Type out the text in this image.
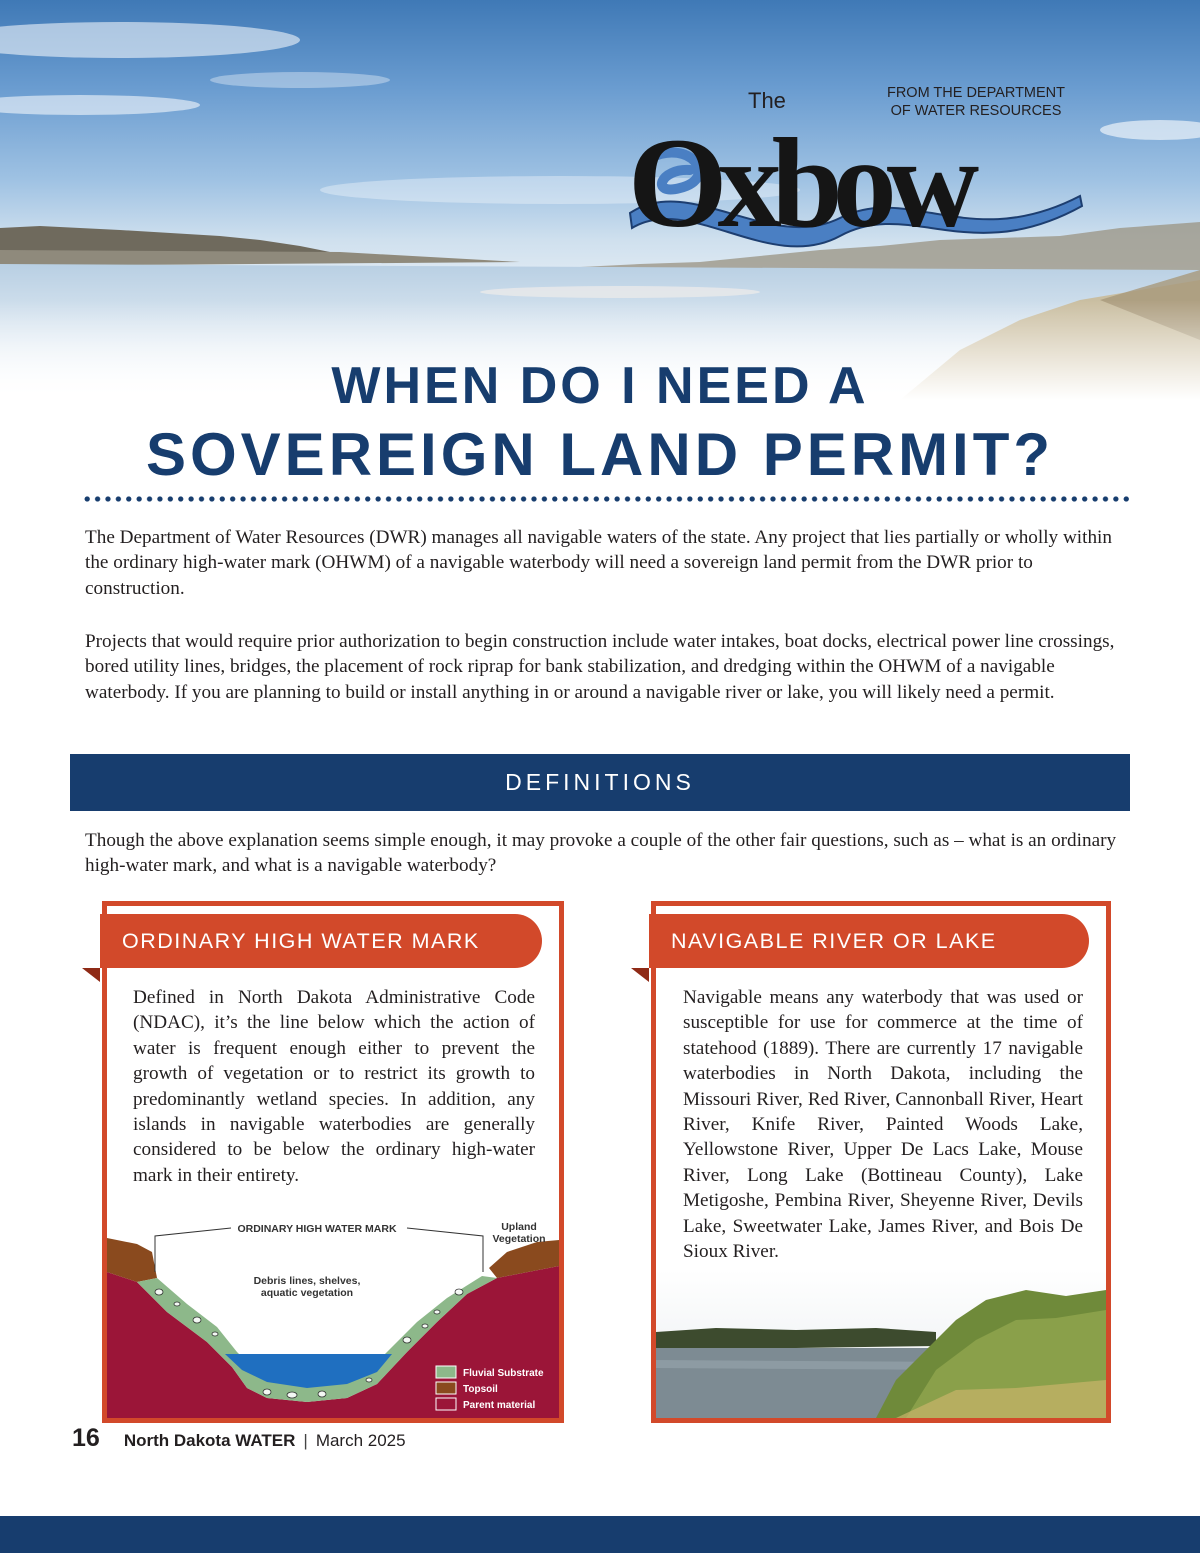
The	FROM THE DEPARTMENT
OF WATER RESOURCES
Oxbow
WHEN DO I NEED A
SOVEREIGN LAND PERMIT?

The Department of Water Resources (DWR) manages all navigable waters of the state. Any project that lies partially or wholly within the ordinary high-water mark (OHWM) of a navigable waterbody will need a sovereign land permit from the DWR prior to construction.

Projects that would require prior authorization to begin construction include water intakes, boat docks, electrical power line crossings, bored utility lines, bridges, the placement of rock riprap for bank stabilization, and dredging within the OHWM of a navigable waterbody. If you are planning to build or install anything in or around a navigable river or lake, you will likely need a permit.

DEFINITIONS

Though the above explanation seems simple enough, it may provoke a couple of the other fair questions, such as – what is an ordinary high-water mark, and what is a navigable waterbody?

ORDINARY HIGH WATER MARK

Defined in North Dakota Administrative Code (NDAC), it’s the line below which the action of water is frequent enough either to prevent the growth of vegetation or to restrict its growth to predominantly wetland species. In addition, any islands in navigable waterbodies are generally considered to be below the ordinary high-water mark in their entirety.

ORDINARY HIGH WATER MARK	Upland
Vegetation
Debris lines, shelves,
aquatic vegetation
Fluvial Substrate
Topsoil
Parent material
NAVIGABLE RIVER OR LAKE

Navigable means any waterbody that was used or susceptible for use for commerce at the time of statehood (1889). There are currently 17 navigable waterbodies in North Dakota, including the Missouri River, Red River, Cannonball River, Heart River, Knife River, Painted Woods Lake, Yellowstone River, Upper De Lacs Lake, Mouse River, Long Lake (Bottineau County), Lake Metigoshe, Pembina River, Sheyenne River, Devils Lake, Sweetwater Lake, James River, and Bois De Sioux River.

16 North Dakota WATER | March 2025
